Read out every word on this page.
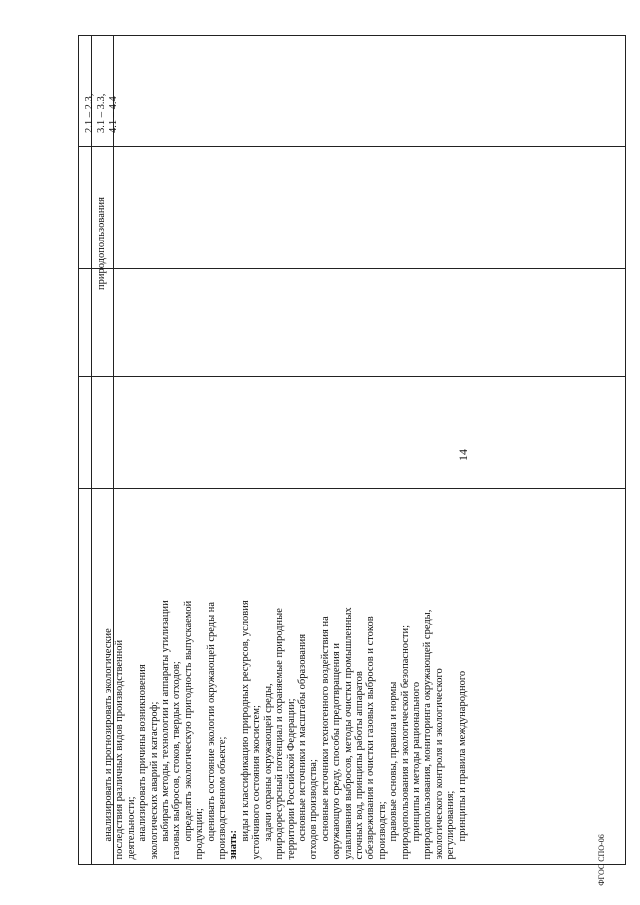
14

анализировать и прогнозировать экологические последствия различных видов производственной деятельности; анализировать причины возникновения экологических аварий и катастроф; выбирать методы, технологии и аппараты утилизации газовых выбросов, стоков, твердых отходов; определять экологическую пригодность выпускаемой продукции; оценивать состояние экологии окружающей среды на производственном объекте; знать:

виды и классификацию природных ресурсов, условия устойчивого состояния экосистем; задачи охраны окружающей среды, природоресурсный потенциал и охраняемые природные территории Российской Федерации; основные источники и масштабы образования отходов производства; основные источники техногенного воздействия на окружающую среду, способы предотвращения и улавливания выбросов, методы очистки промышленных сточных вод, принципы работы аппаратов обезвреживания и очистки газовых выбросов и стоков производств; правовые основы, правила и нормы природопользования и экологической безопасности; принципы и методы рационального природопользования, мониторинга окружающей среды, экологического контроля и экологического регулирования; принципы и правила международного

природопользования
2.1 – 2.3, 3.1 – 3.3, 4.1 – 4.4
ФГОС СПО-06
